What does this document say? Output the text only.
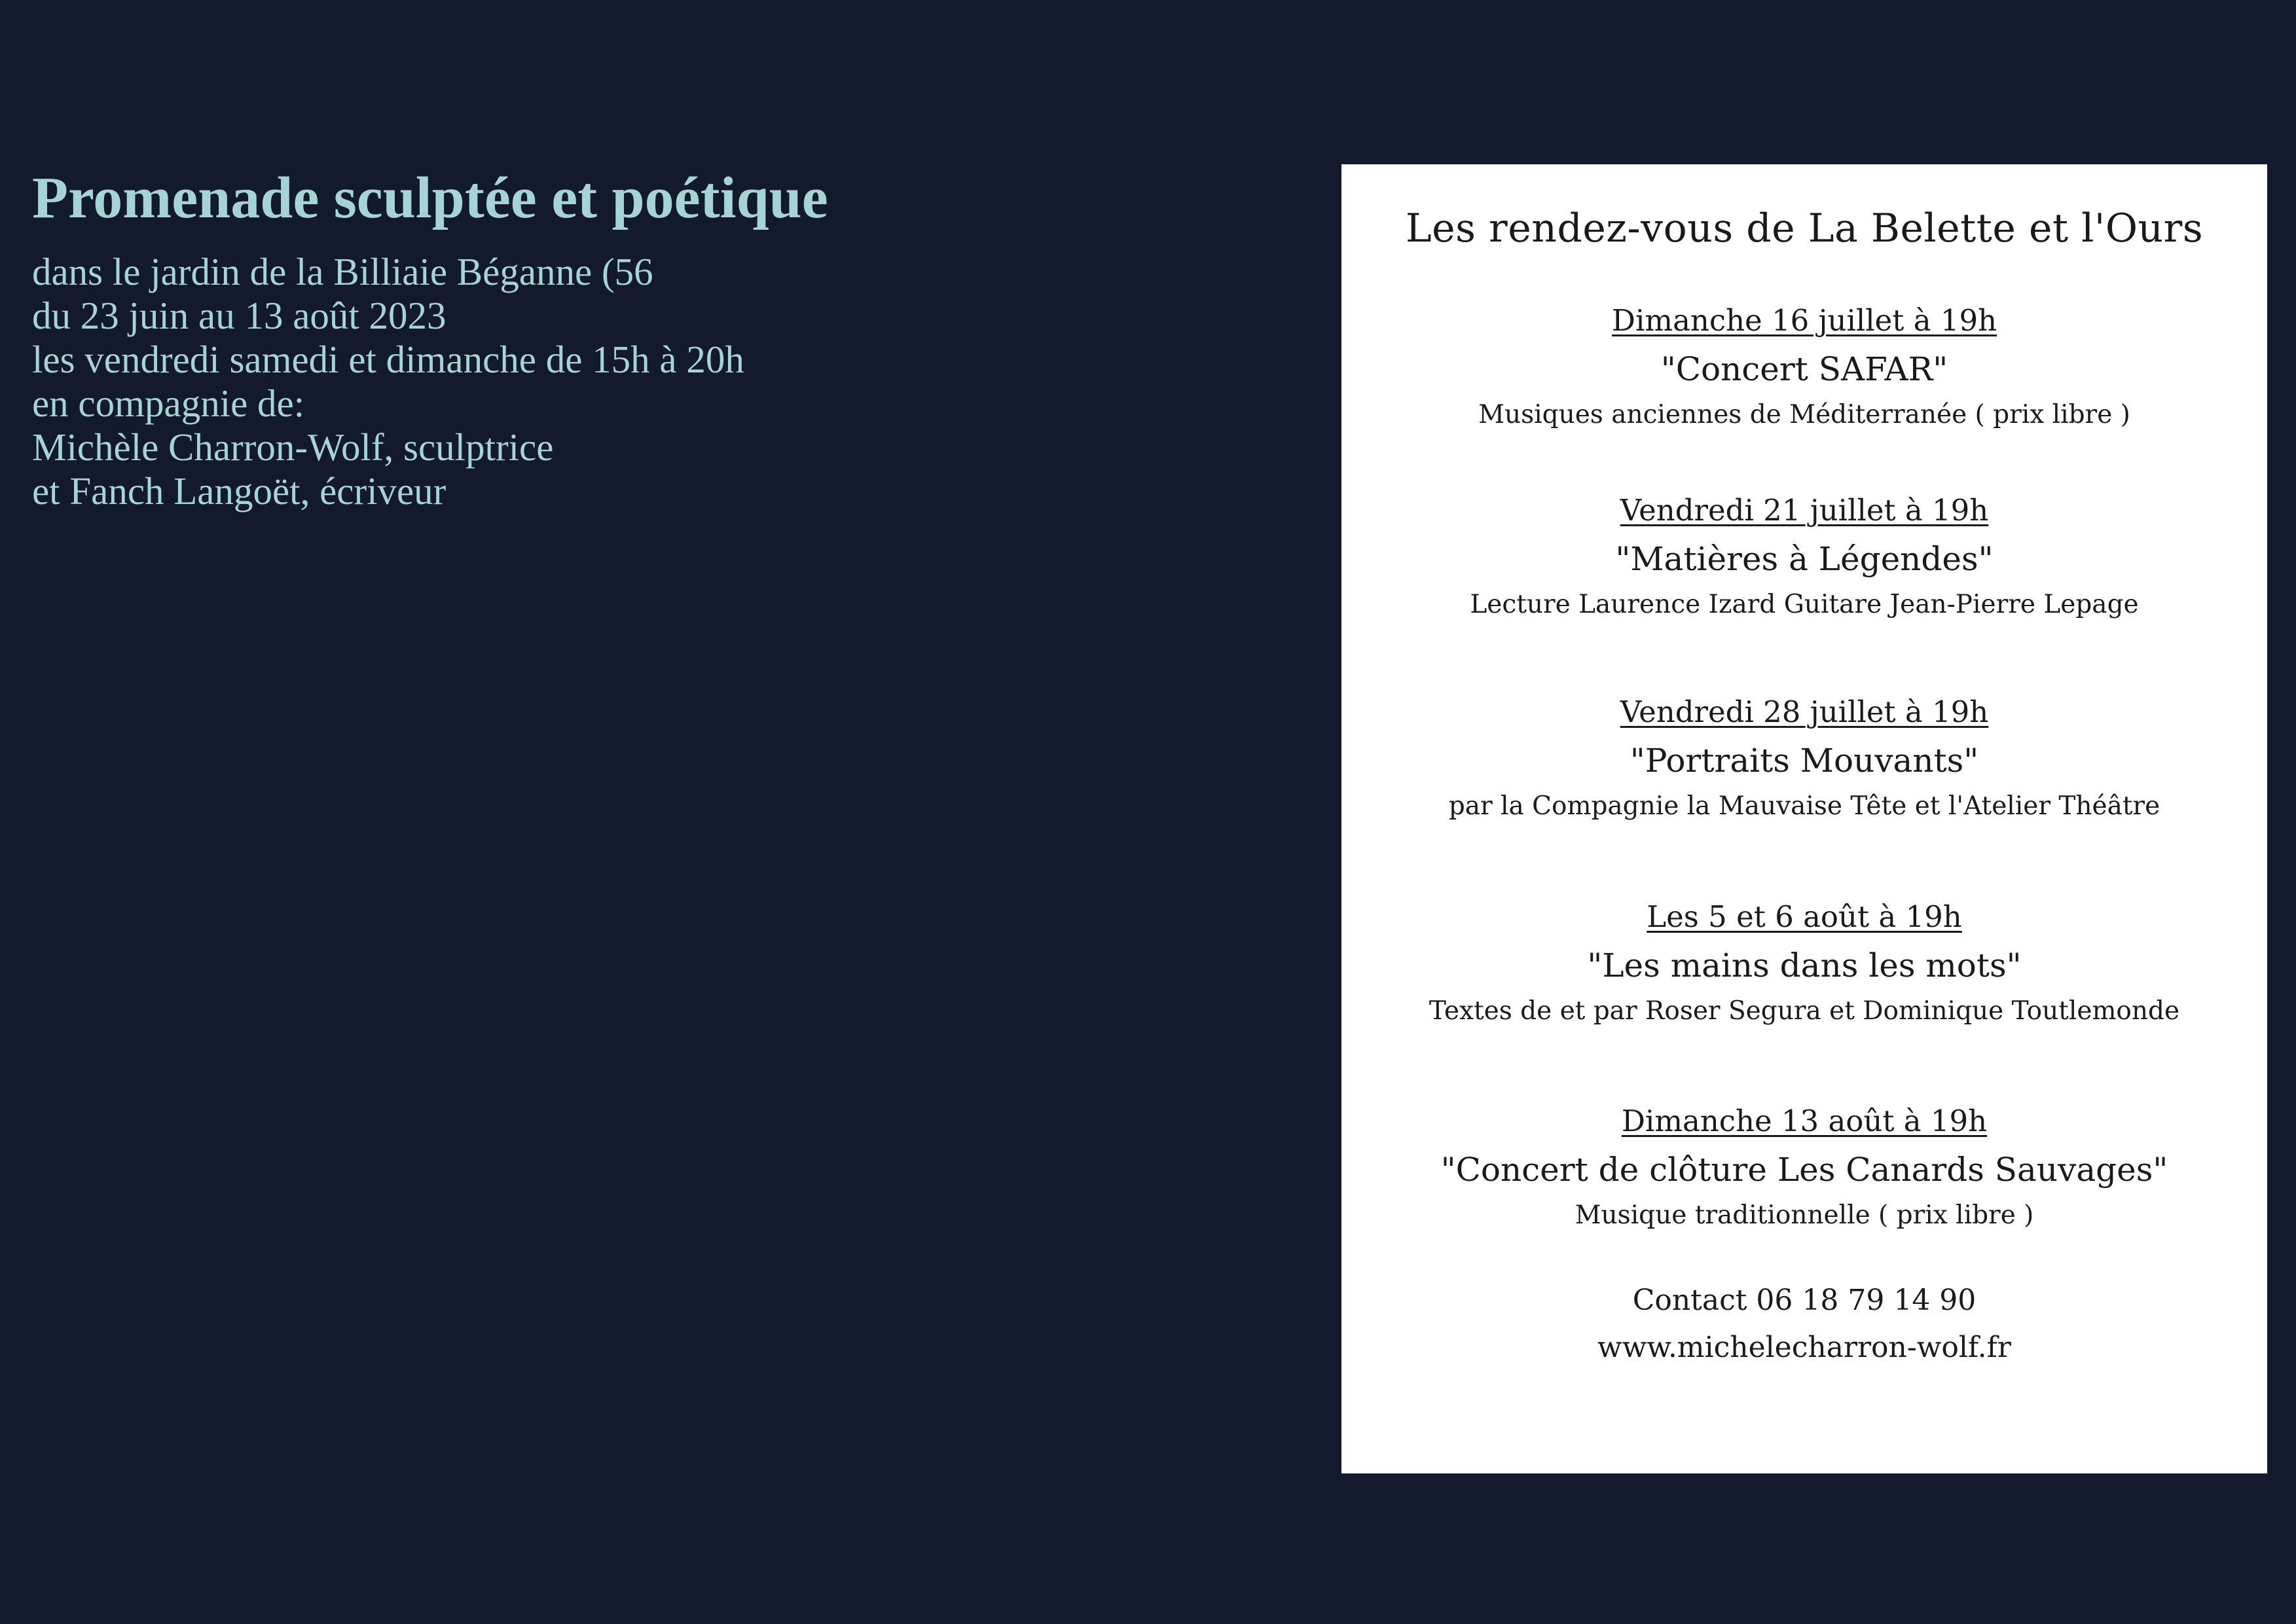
Promenade sculptée et poétique
dans le jardin de la Billiaie Béganne (56
du 23 juin au 13 août 2023
les vendredi samedi et dimanche de 15h à 20h
en compagnie de:
Michèle Charron-Wolf, sculptrice
et Fanch Langoët, écriveur
Les rendez-vous de La Belette et l'Ours
Dimanche 16 juillet à 19h
"Concert SAFAR"
Musiques anciennes de Méditerranée ( prix libre )
Vendredi 21 juillet à 19h
"Matières à Légendes"
Lecture Laurence Izard Guitare Jean-Pierre Lepage
Vendredi 28 juillet à 19h
"Portraits Mouvants"
par la Compagnie la Mauvaise Tête et l'Atelier Théâtre
Les 5 et 6 août à 19h
"Les mains dans les mots"
Textes de et par Roser Segura et Dominique Toutlemonde
Dimanche 13 août à 19h
"Concert de clôture Les Canards Sauvages"
Musique traditionnelle ( prix libre )
Contact 06 18 79 14 90
www.michelecharron-wolf.fr
